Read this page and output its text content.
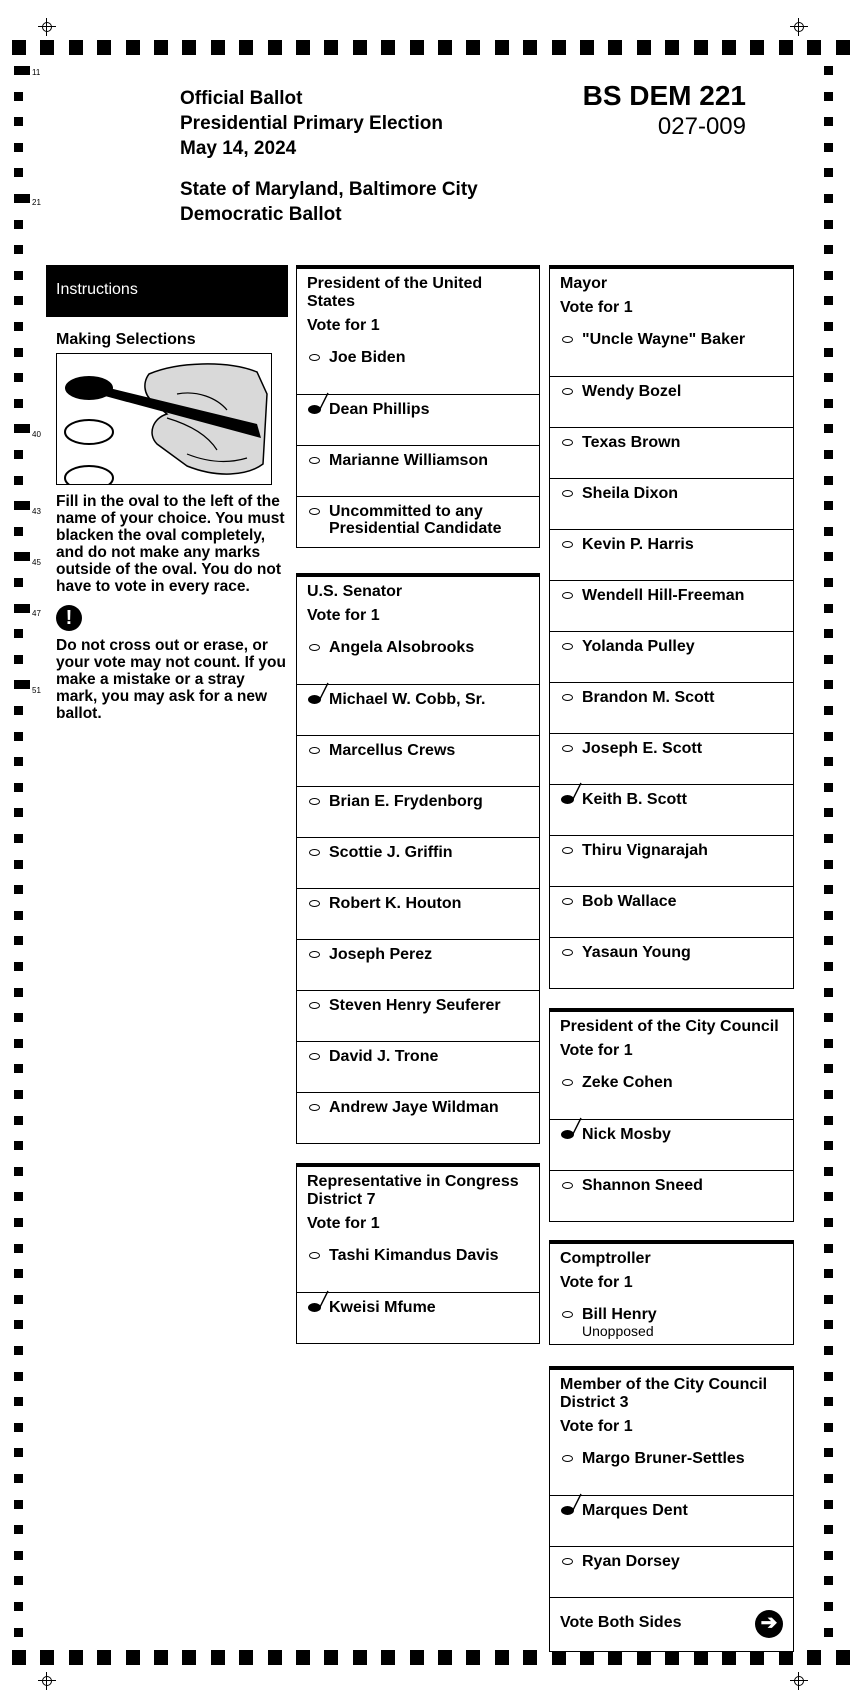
11
21
40
43
45
47
51
Official Ballot
Presidential Primary Election
May 14, 2024
State of Maryland, Baltimore City
Democratic Ballot
BS DEM 221
027-009
Instructions
Making Selections
Fill in the oval to the left of the name of your choice. You must blacken the oval completely, and do not make any marks outside of the oval. You do not have to vote in every race.
!
Do not cross out or erase, or your vote may not count. If you make a mistake or a stray mark, you may ask for a new ballot.
President of the United States
Vote for 1
Joe Biden
Dean Phillips
Marianne Williamson
Uncommitted to any Presidential Candidate
U.S. Senator
Vote for 1
Angela Alsobrooks
Michael W. Cobb, Sr.
Marcellus Crews
Brian E. Frydenborg
Scottie J. Griffin
Robert K. Houton
Joseph Perez
Steven Henry Seuferer
David J. Trone
Andrew Jaye Wildman
Representative in Congress District 7
Vote for 1
Tashi Kimandus Davis
Kweisi Mfume
Mayor
Vote for 1
"Uncle Wayne" Baker
Wendy Bozel
Texas Brown
Sheila Dixon
Kevin P. Harris
Wendell Hill-Freeman
Yolanda Pulley
Brandon M. Scott
Joseph E. Scott
Keith B. Scott
Thiru Vignarajah
Bob Wallace
Yasaun Young
President of the City Council
Vote for 1
Zeke Cohen
Nick Mosby
Shannon Sneed
Comptroller
Vote for 1
Bill Henry
Unopposed
Member of the City Council District 3
Vote for 1
Margo Bruner-Settles
Marques Dent
Ryan Dorsey
Vote Both Sides	➔
